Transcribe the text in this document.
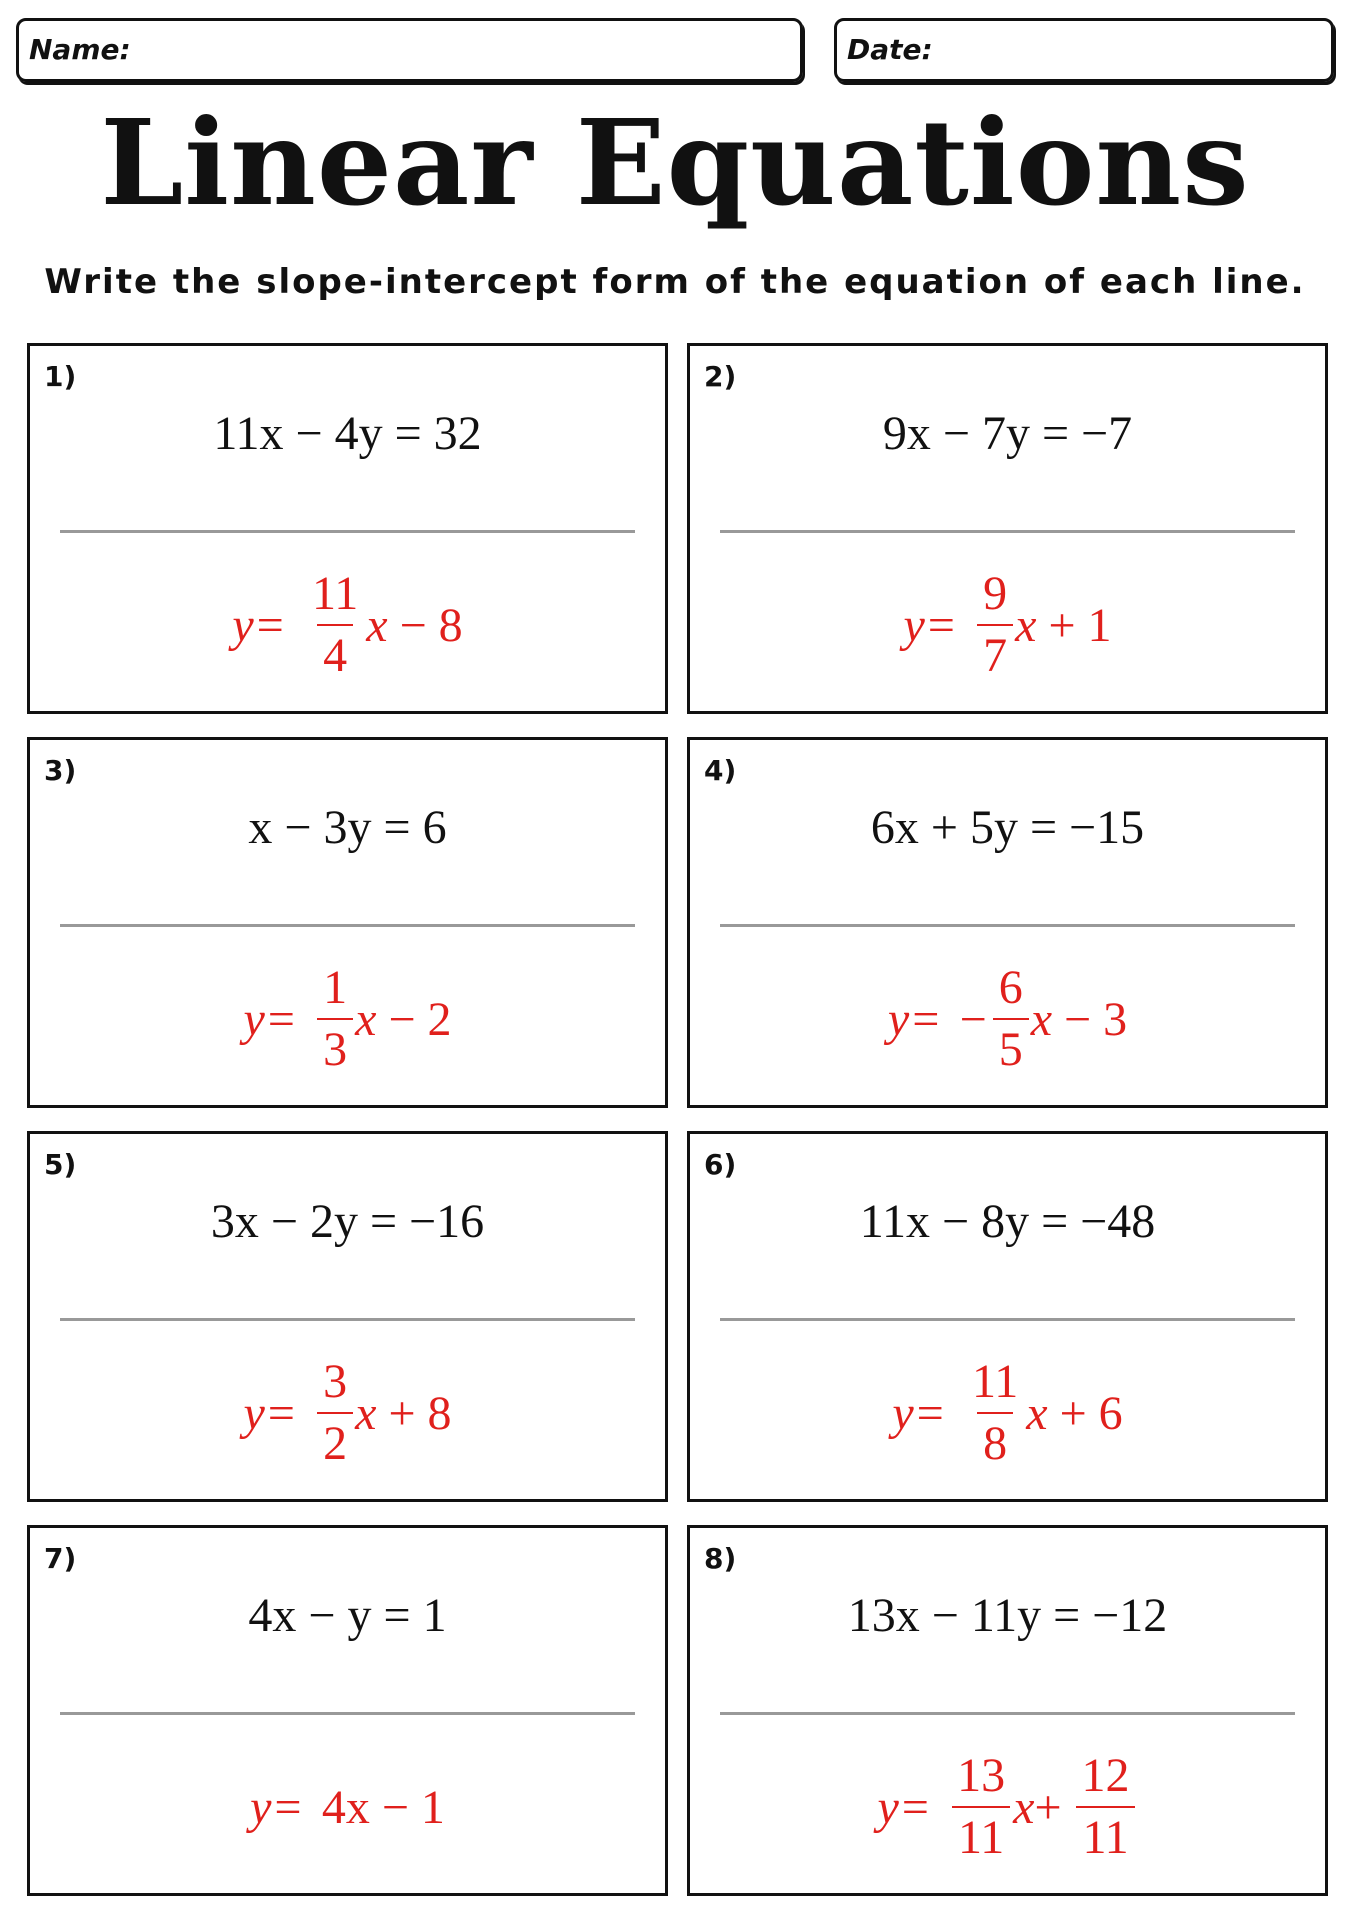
Name:	Date:
Linear Equations
Write the slope-intercept form of the equation of each line.
1)
11x − 4y = 32
$y= \frac{11}{4}$ x − 8
2)
9x − 7y = −7
$y= \frac{9}{7}$ x + 1
3)
x − 3y = 6
$y= \frac{1}{3}$ x − 2
4)
6x + 5y = −15
$y= - \frac{6}{5}$ x − 3
5)
3x − 2y = −16
$y= \frac{3}{2}$ x + 8
6)
11x − 8y = −48
$y= \frac{11}{8}$ x + 6
7)
4x − y = 1
y= 4x − 1
8)
13x − 11y = −12
$y= \frac{13}{11}$ $x + \frac{12}{11}$
